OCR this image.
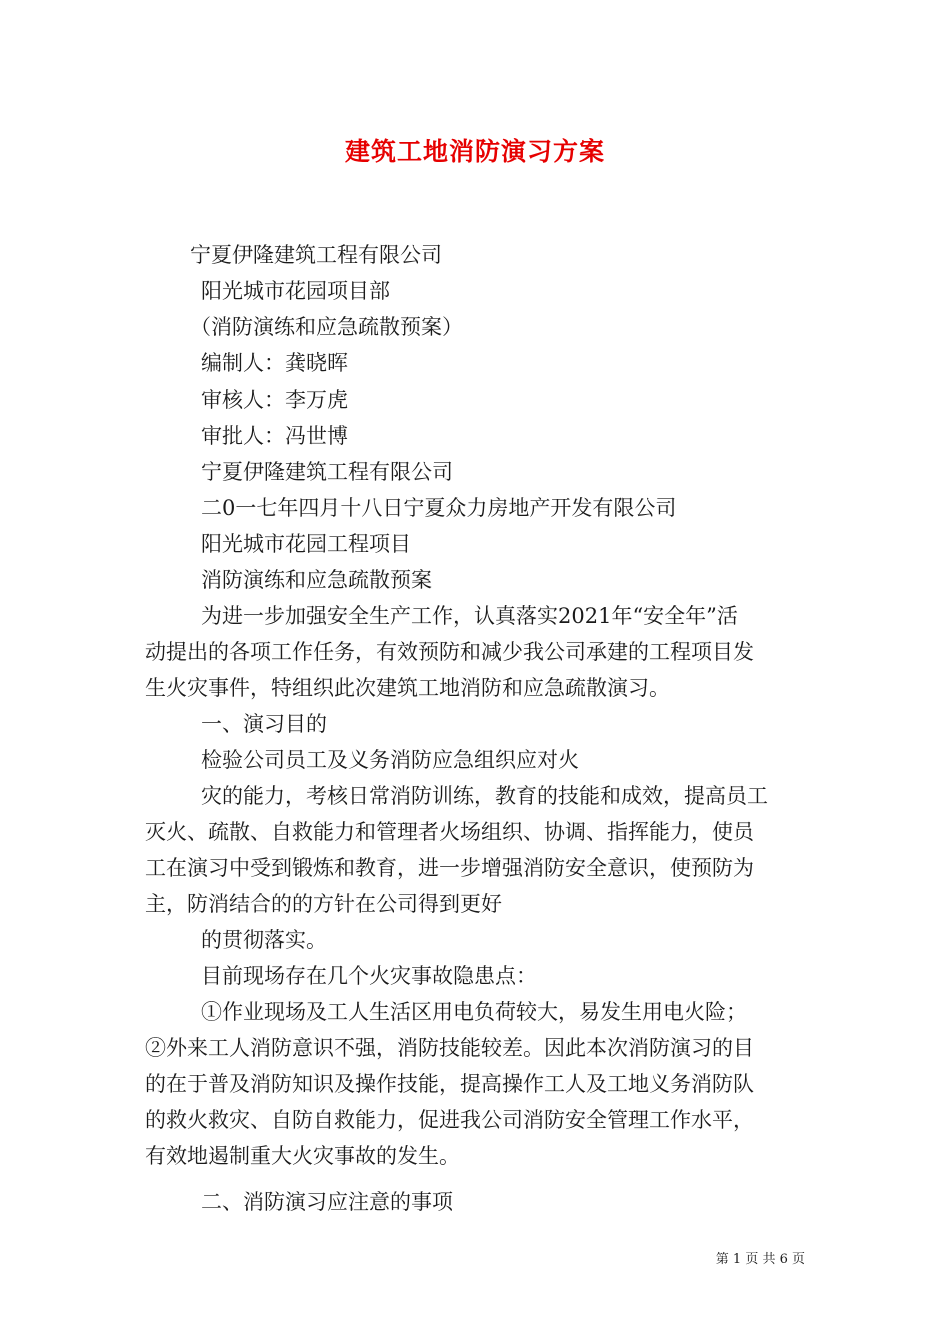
建筑工地消防演习方案
宁夏伊隆建筑工程有限公司
阳光城市花园项目部
（消防演练和应急疏散预案）
编制人：龚晓晖
审核人：李万虎
审批人：冯世博
宁夏伊隆建筑工程有限公司
二0一七年四月十八日宁夏众力房地产开发有限公司
阳光城市花园工程项目
消防演练和应急疏散预案
为进一步加强安全生产工作，认真落实2021年“安全年”活
动提出的各项工作任务，有效预防和减少我公司承建的工程项目发
生火灾事件，特组织此次建筑工地消防和应急疏散演习。
一、演习目的
检验公司员工及义务消防应急组织应对火
灾的能力，考核日常消防训练，教育的技能和成效，提高员工
灭火、疏散、自救能力和管理者火场组织、协调、指挥能力，使员
工在演习中受到锻炼和教育，进一步增强消防安全意识，使预防为
主，防消结合的的方针在公司得到更好
的贯彻落实。
目前现场存在几个火灾事故隐患点：
①作业现场及工人生活区用电负荷较大，易发生用电火险；
②外来工人消防意识不强，消防技能较差。因此本次消防演习的目
的在于普及消防知识及操作技能，提高操作工人及工地义务消防队
的救火救灾、自防自救能力，促进我公司消防安全管理工作水平，
有效地遏制重大火灾事故的发生。
二、消防演习应注意的事项
第 1 页 共 6 页
